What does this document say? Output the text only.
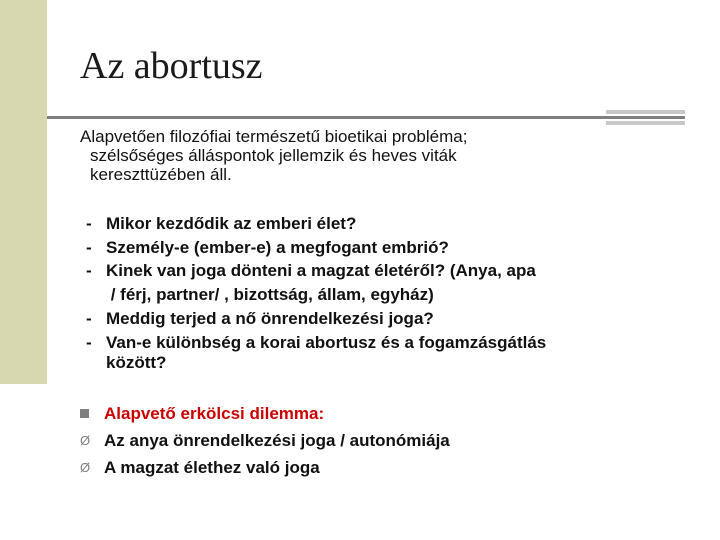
Az abortusz
Alapvetően filozófiai természetű bioetikai probléma;
szélsőséges álláspontok jellemzik és heves viták
kereszttüzében áll.
- Mikor kezdődik az emberi élet?
- Személy-e (ember-e) a megfogant embrió?
- Kinek van joga dönteni a magzat életéről? (Anya, apa
/ férj, partner/ , bizottság, állam, egyház)
- Meddig terjed a nő önrendelkezési joga?
- Van-e különbség a korai abortusz és a fogamzásgátlás
között?
Alapvető erkölcsi dilemma:
Ø Az anya önrendelkezési joga / autonómiája
Ø A magzat élethez való joga
